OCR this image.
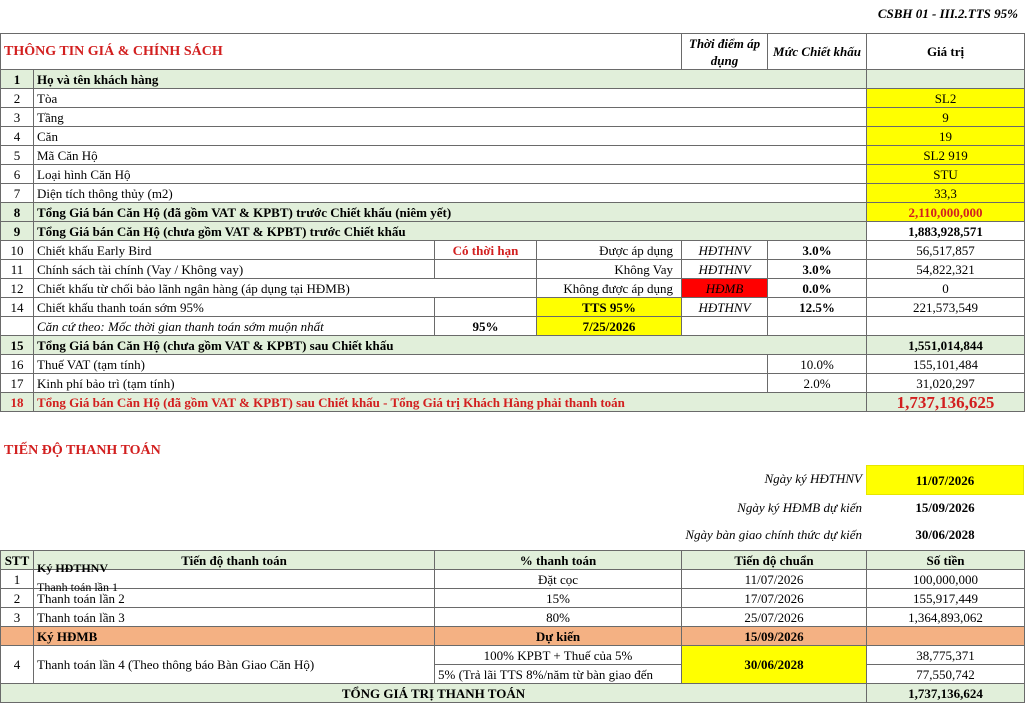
CSBH 01 - III.2.TTS 95%
THÔNG TIN GIÁ & CHÍNH SÁCH				Thời điểm áp dụng	Mức Chiết khấu	Giá trị
1	Họ và tên khách hàng					
2	Tòa					SL2
3	Tầng					9
4	Căn					19
5	Mã Căn Hộ					SL2 919
6	Loại hình Căn Hộ					STU
7	Diện tích thông thủy (m2)					33,3
8	Tổng Giá bán Căn Hộ (đã gồm VAT & KPBT) trước Chiết khấu (niêm yết)					2,110,000,000
9	Tổng Giá bán Căn Hộ (chưa gồm VAT & KPBT) trước Chiết khấu					1,883,928,571
10	Chiết khấu Early Bird	Có thời hạn	Được áp dụng	HĐTHNV	3.0%	56,517,857
11	Chính sách tài chính (Vay / Không vay)		Không Vay	HĐTHNV	3.0%	54,822,321
12	Chiết khấu từ chối bảo lãnh ngân hàng (áp dụng tại HĐMB)		Không được áp dụng	HĐMB	0.0%	0
14	Chiết khấu thanh toán sớm 95%		TTS 95%	HĐTHNV	12.5%	221,573,549
	Căn cứ theo: Mốc thời gian thanh toán sớm muộn nhất	95%	7/25/2026			
15	Tổng Giá bán Căn Hộ (chưa gồm VAT & KPBT) sau Chiết khấu					1,551,014,844
16	Thuế VAT (tạm tính)				10.0%	155,101,484
17	Kinh phí bảo trì (tạm tính)				2.0%	31,020,297
18	Tổng Giá bán Căn Hộ (đã gồm VAT & KPBT) sau Chiết khấu - Tổng Giá trị Khách Hàng phải thanh toán					1,737,136,625
TIẾN ĐỘ THANH TOÁN
Ngày ký HĐTHNV	11/07/2026
Ngày ký HĐMB dự kiến	15/09/2026
Ngày bàn giao chính thức dự kiến	30/06/2028
STT	Tiến độ thanh toán	% thanh toán	Tiến độ chuẩn	Số tiền
1	Ký HĐTHNV
Thanh toán lần 1	Đặt cọc	11/07/2026	100,000,000
2	Thanh toán lần 2	15%	17/07/2026	155,917,449
3	Thanh toán lần 3	80%	25/07/2026	1,364,893,062
	Ký HĐMB	Dự kiến	15/09/2026	
4	Thanh toán lần 4 (Theo thông báo Bàn Giao Căn Hộ)	100% KPBT + Thuế của 5%	30/06/2028	38,775,371
		5% (Trả lãi TTS 8%/năm từ bàn giao đến		77,550,742
TỔNG GIÁ TRỊ THANH TOÁN				1,737,136,624
